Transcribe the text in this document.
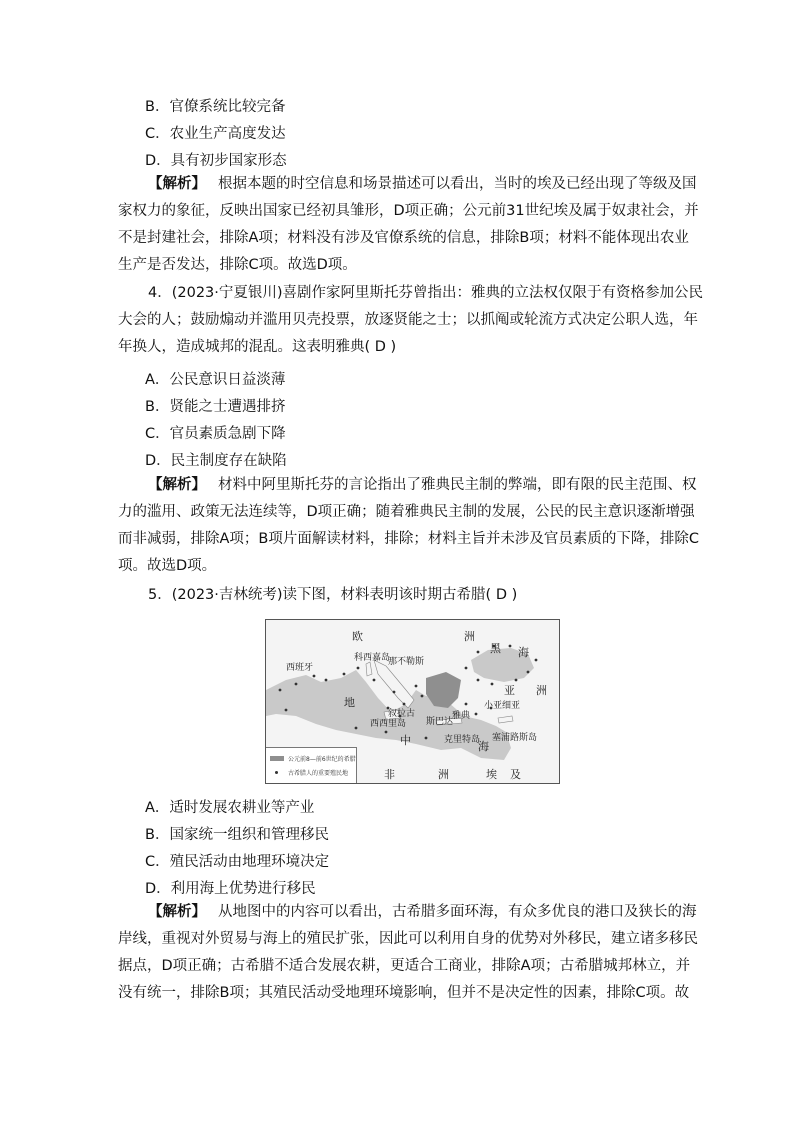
B．官僚系统比较完备
C．农业生产高度发达
D．具有初步国家形态
【解析】 根据本题的时空信息和场景描述可以看出，当时的埃及已经出现了等级及国
家权力的象征，反映出国家已经初具雏形，D项正确；公元前31世纪埃及属于奴隶社会，并
不是封建社会，排除A项；材料没有涉及官僚系统的信息，排除B项；材料不能体现出农业
生产是否发达，排除C项。故选D项。
4．(2023·宁夏银川)喜剧作家阿里斯托芬曾指出：雅典的立法权仅限于有资格参加公民
大会的人；鼓励煽动并滥用贝壳投票，放逐贤能之士；以抓阄或轮流方式决定公职人选，年
年换人，造成城邦的混乱。这表明雅典( D )
A．公民意识日益淡薄
B．贤能之士遭遇排挤
C．官员素质急剧下降
D．民主制度存在缺陷
【解析】 材料中阿里斯托芬的言论指出了雅典民主制的弊端，即有限的民主范围、权
力的滥用、政策无法连续等，D项正确；随着雅典民主制的发展，公民的民主意识逐渐增强
而非减弱，排除A项；B项片面解读材料，排除；材料主旨并未涉及官员素质的下降，排除C
项。故选D项。
5．(2023·吉林统考)读下图，材料表明该时期古希腊( D )
欧	洲
西班牙
科西嘉岛
那不勒斯
黑 海
亚 洲
地	小亚细亚
西西里岛
叙拉古
斯巴达
雅典
克里特岛 塞浦路斯岛
中	海
非	洲	埃 及
公元前8—前6世纪的希腊
古希腊人的重要殖民地
A．适时发展农耕业等产业
B．国家统一组织和管理移民
C．殖民活动由地理环境决定
D．利用海上优势进行移民
【解析】 从地图中的内容可以看出，古希腊多面环海，有众多优良的港口及狭长的海
岸线，重视对外贸易与海上的殖民扩张，因此可以利用自身的优势对外移民，建立诸多移民
据点，D项正确；古希腊不适合发展农耕，更适合工商业，排除A项；古希腊城邦林立，并
没有统一，排除B项；其殖民活动受地理环境影响，但并不是决定性的因素，排除C项。故
